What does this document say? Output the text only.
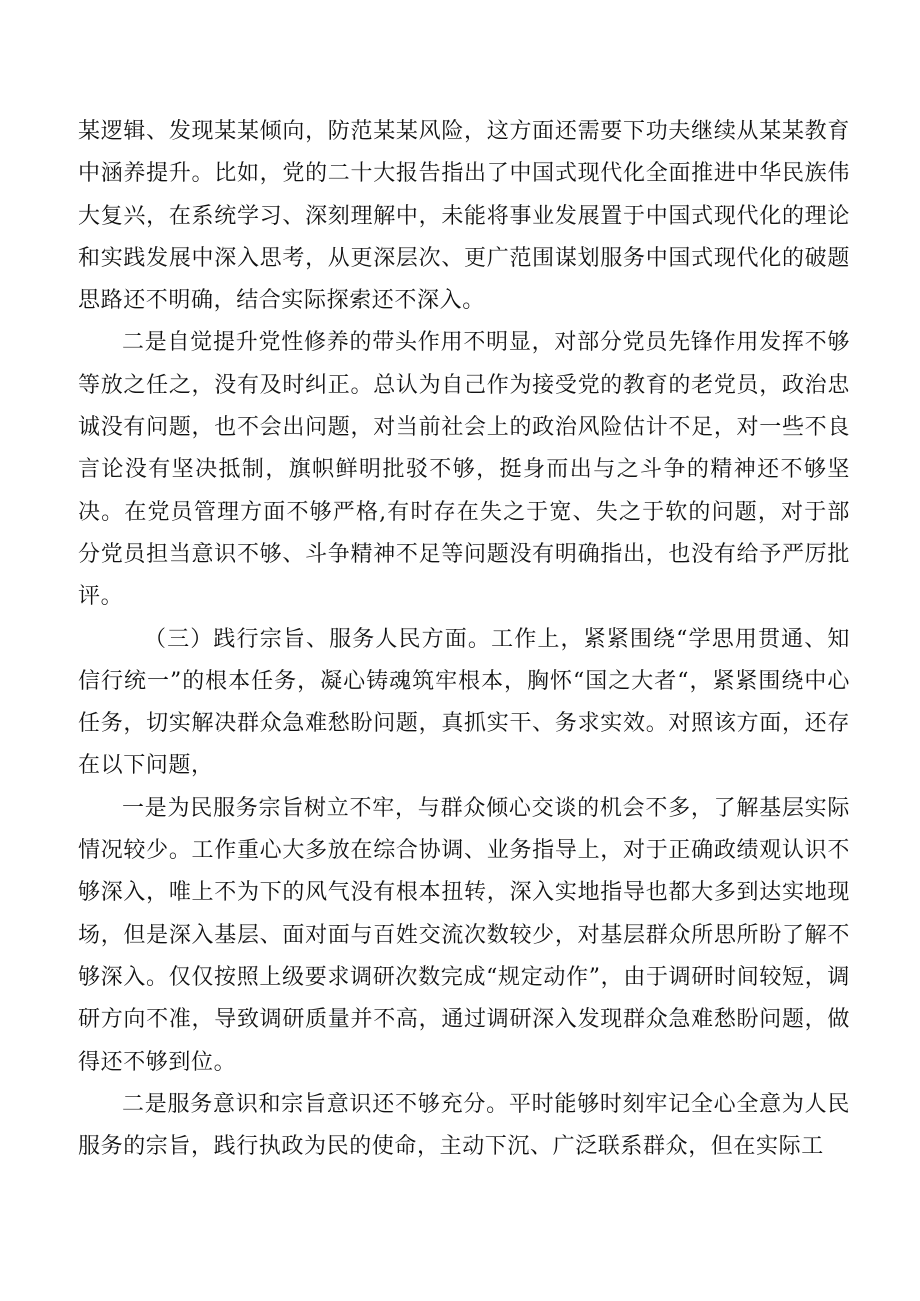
某逻辑、发现某某倾向，防范某某风险，这方面还需要下功夫继续从某某教育中涵养提升。比如，党的二十大报告指出了中国式现代化全面推进中华民族伟大复兴，在系统学习、深刻理解中，未能将事业发展置于中国式现代化的理论和实践发展中深入思考，从更深层次、更广范围谋划服务中国式现代化的破题思路还不明确，结合实际探索还不深入。

二是自觉提升党性修养的带头作用不明显，对部分党员先锋作用发挥不够等放之任之，没有及时纠正。总认为自己作为接受党的教育的老党员，政治忠诚没有问题，也不会出问题，对当前社会上的政治风险估计不足，对一些不良言论没有坚决抵制，旗帜鲜明批驳不够，挺身而出与之斗争的精神还不够坚决。在党员管理方面不够严格,有时存在失之于宽、失之于软的问题，对于部分党员担当意识不够、斗争精神不足等问题没有明确指出，也没有给予严厉批评。

（三）践行宗旨、服务人民方面。工作上，紧紧围绕“学思用贯通、知信行统一”的根本任务，凝心铸魂筑牢根本，胸怀“国之大者“，紧紧围绕中心任务，切实解决群众急难愁盼问题，真抓实干、务求实效。对照该方面，还存在以下问题，

一是为民服务宗旨树立不牢，与群众倾心交谈的机会不多，了解基层实际情况较少。工作重心大多放在综合协调、业务指导上，对于正确政绩观认识不够深入，唯上不为下的风气没有根本扭转，深入实地指导也都大多到达实地现场，但是深入基层、面对面与百姓交流次数较少，对基层群众所思所盼了解不够深入。仅仅按照上级要求调研次数完成“规定动作”，由于调研时间较短，调研方向不准，导致调研质量并不高，通过调研深入发现群众急难愁盼问题，做得还不够到位。

二是服务意识和宗旨意识还不够充分。平时能够时刻牢记全心全意为人民服务的宗旨，践行执政为民的使命，主动下沉、广泛联系群众，但在实际工
